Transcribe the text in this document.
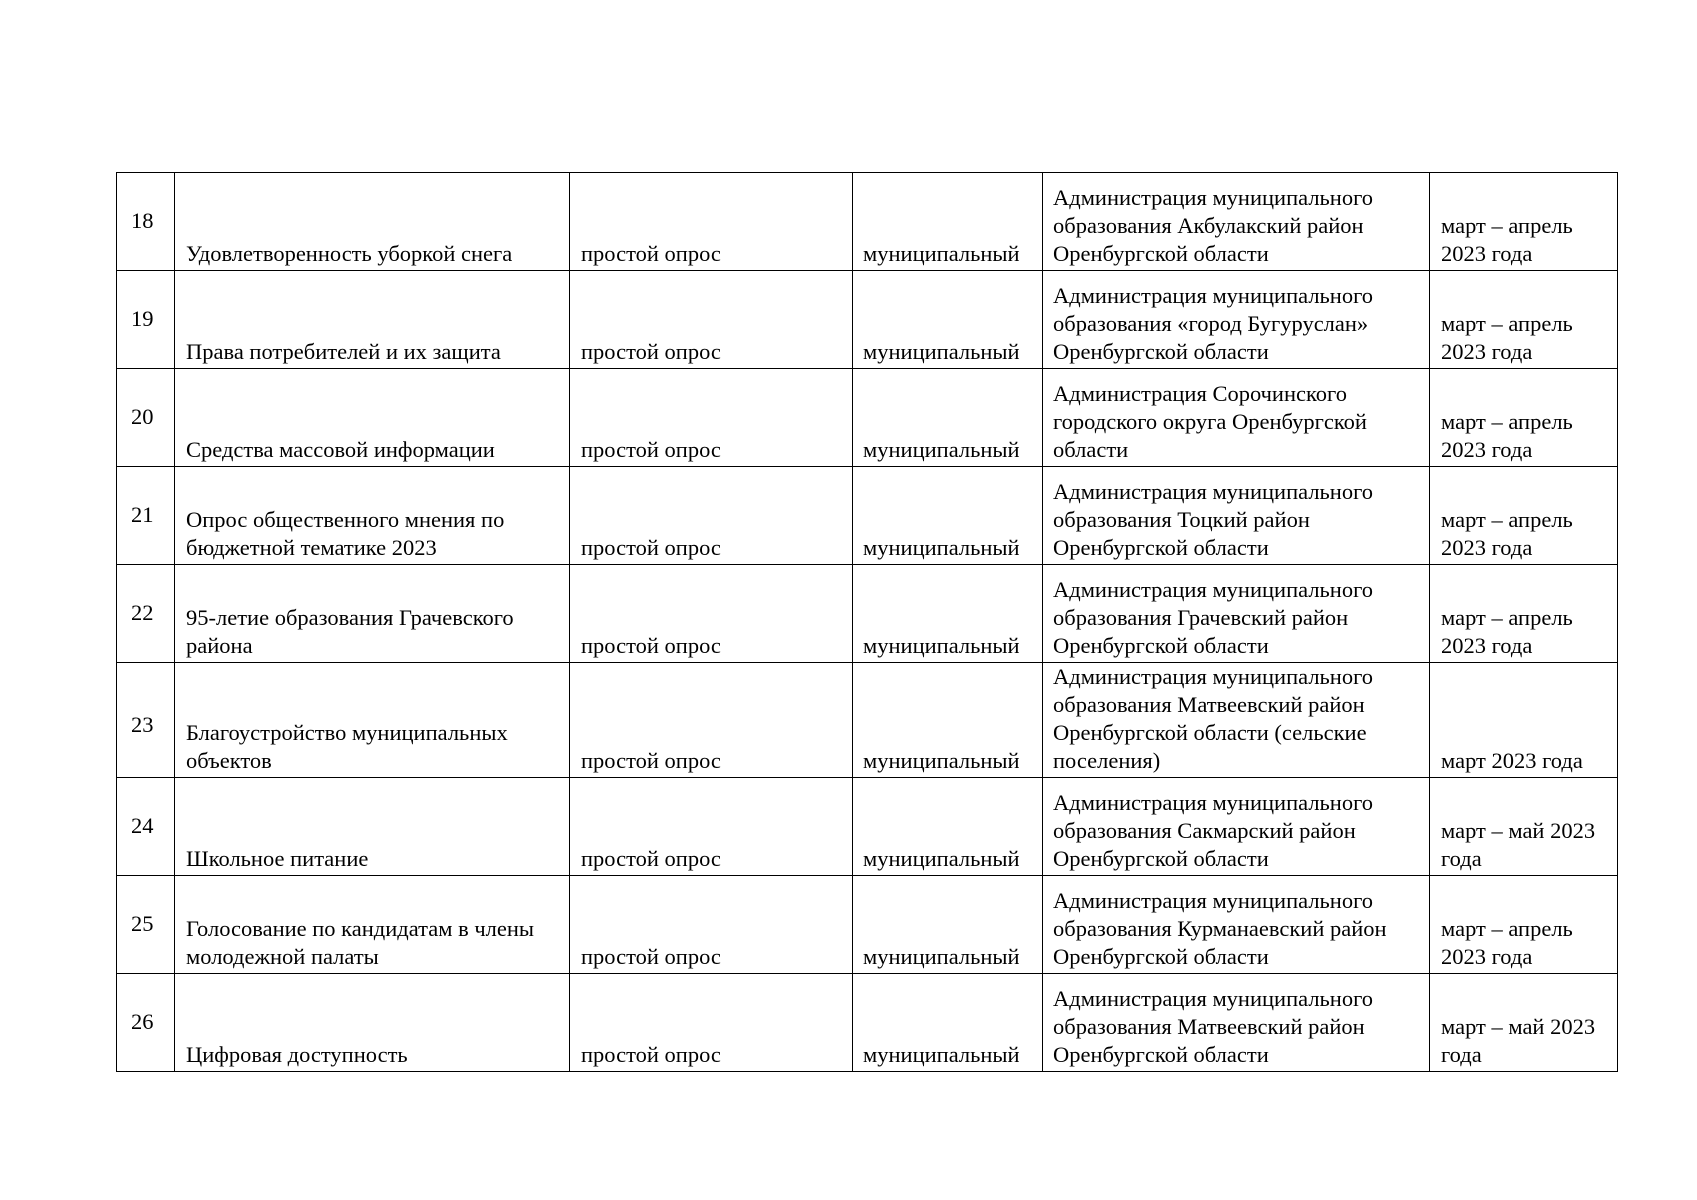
18	Удовлетворенность уборкой снега	простой опрос	муниципальный	Администрация муниципального образования Акбулакский район Оренбургской области	март – апрель 2023 года
19	Права потребителей и их защита	простой опрос	муниципальный	Администрация муниципального образования «город Бугуруслан» Оренбургской области	март – апрель 2023 года
20	Средства массовой информации	простой опрос	муниципальный	Администрация Сорочинского городского округа Оренбургской области	март – апрель 2023 года
21	Опрос общественного мнения по бюджетной тематике 2023	простой опрос	муниципальный	Администрация муниципального образования Тоцкий район Оренбургской области	март – апрель 2023 года
22	95-летие образования Грачевского района	простой опрос	муниципальный	Администрация муниципального образования Грачевский район Оренбургской области	март – апрель 2023 года
23	Благоустройство муниципальных объектов	простой опрос	муниципальный	Администрация муниципального образования Матвеевский район Оренбургской области (сельские поселения)	март 2023 года
24	Школьное питание	простой опрос	муниципальный	Администрация муниципального образования Сакмарский район Оренбургской области	март – май 2023 года
25	Голосование по кандидатам в члены молодежной палаты	простой опрос	муниципальный	Администрация муниципального образования Курманаевский район Оренбургской области	март – апрель 2023 года
26	Цифровая доступность	простой опрос	муниципальный	Администрация муниципального образования Матвеевский район Оренбургской области	март – май 2023 года
